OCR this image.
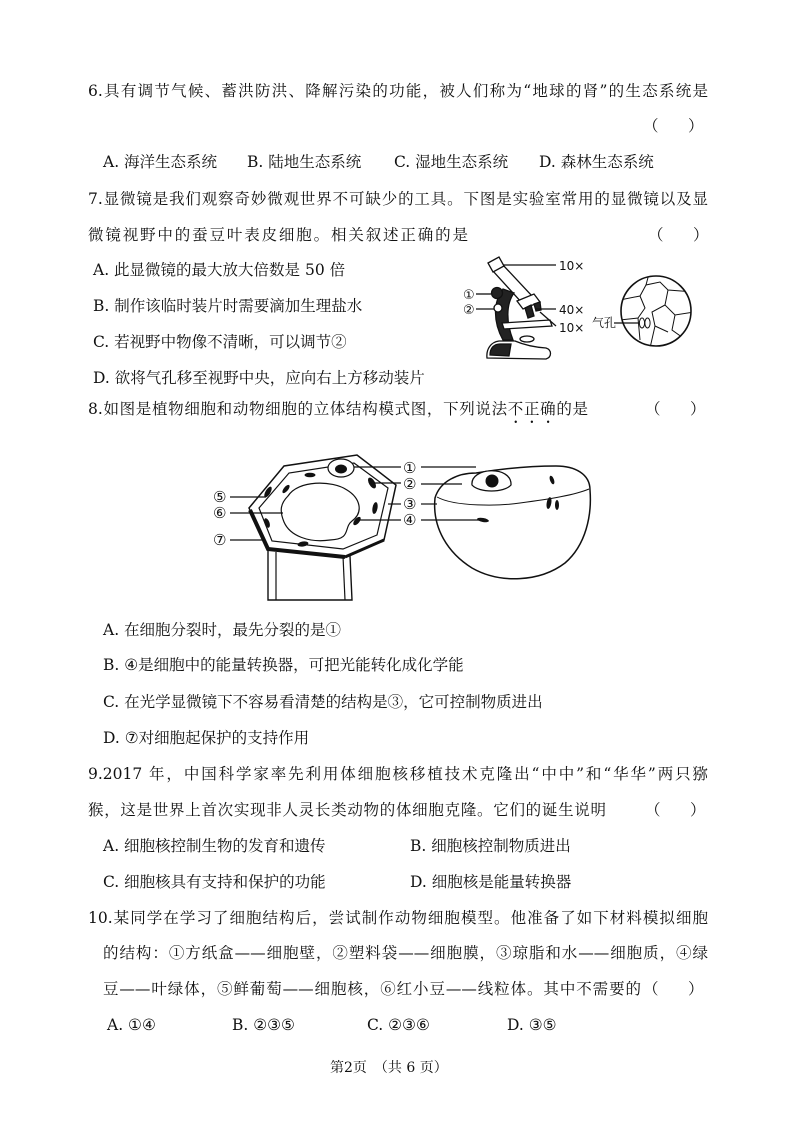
6.具有调节气候、蓄洪防洪、降解污染的功能，被人们称为“地球的肾”的生态系统是
（      ）
A. 海洋生态系统 B. 陆地生态系统 C. 湿地生态系统 D. 森林生态系统
7.显微镜是我们观察奇妙微观世界不可缺少的工具。下图是实验室常用的显微镜以及显
微镜视野中的蚕豆叶表皮细胞。相关叙述正确的是	（      ）
A. 此显微镜的最大放大倍数是 50 倍
B. 制作该临时装片时需要滴加生理盐水
C. 若视野中物像不清晰，可以调节②
D. 欲将气孔移至视野中央，应向右上方移动装片
①
②
10×
40×
10× 气孔
8.如图是植物细胞和动物细胞的立体结构模式图，下列说法不正确的是	（      ）
①
②
③
④
⑤
⑥
⑦
A. 在细胞分裂时，最先分裂的是①
B. ④是细胞中的能量转换器，可把光能转化成化学能
C. 在光学显微镜下不容易看清楚的结构是③，它可控制物质进出
D. ⑦对细胞起保护的支持作用
9.2017 年，中国科学家率先利用体细胞核移植技术克隆出“中中”和“华华”两只猕
猴，这是世界上首次实现非人灵长类动物的体细胞克隆。它们的诞生说明	（      ）
A. 细胞核控制生物的发育和遗传	B. 细胞核控制物质进出
C. 细胞核具有支持和保护的功能	D. 细胞核是能量转换器
10.某同学在学习了细胞结构后，尝试制作动物细胞模型。他准备了如下材料模拟细胞
的结构：①方纸盒——细胞壁，②塑料袋——细胞膜，③琼脂和水——细胞质，④绿
豆——叶绿体，⑤鲜葡萄——细胞核，⑥红小豆——线粒体。其中不需要的 （      ）
A. ①④	B. ②③⑤	C. ②③⑥	D. ③⑤
第2页　（共 6 页）
